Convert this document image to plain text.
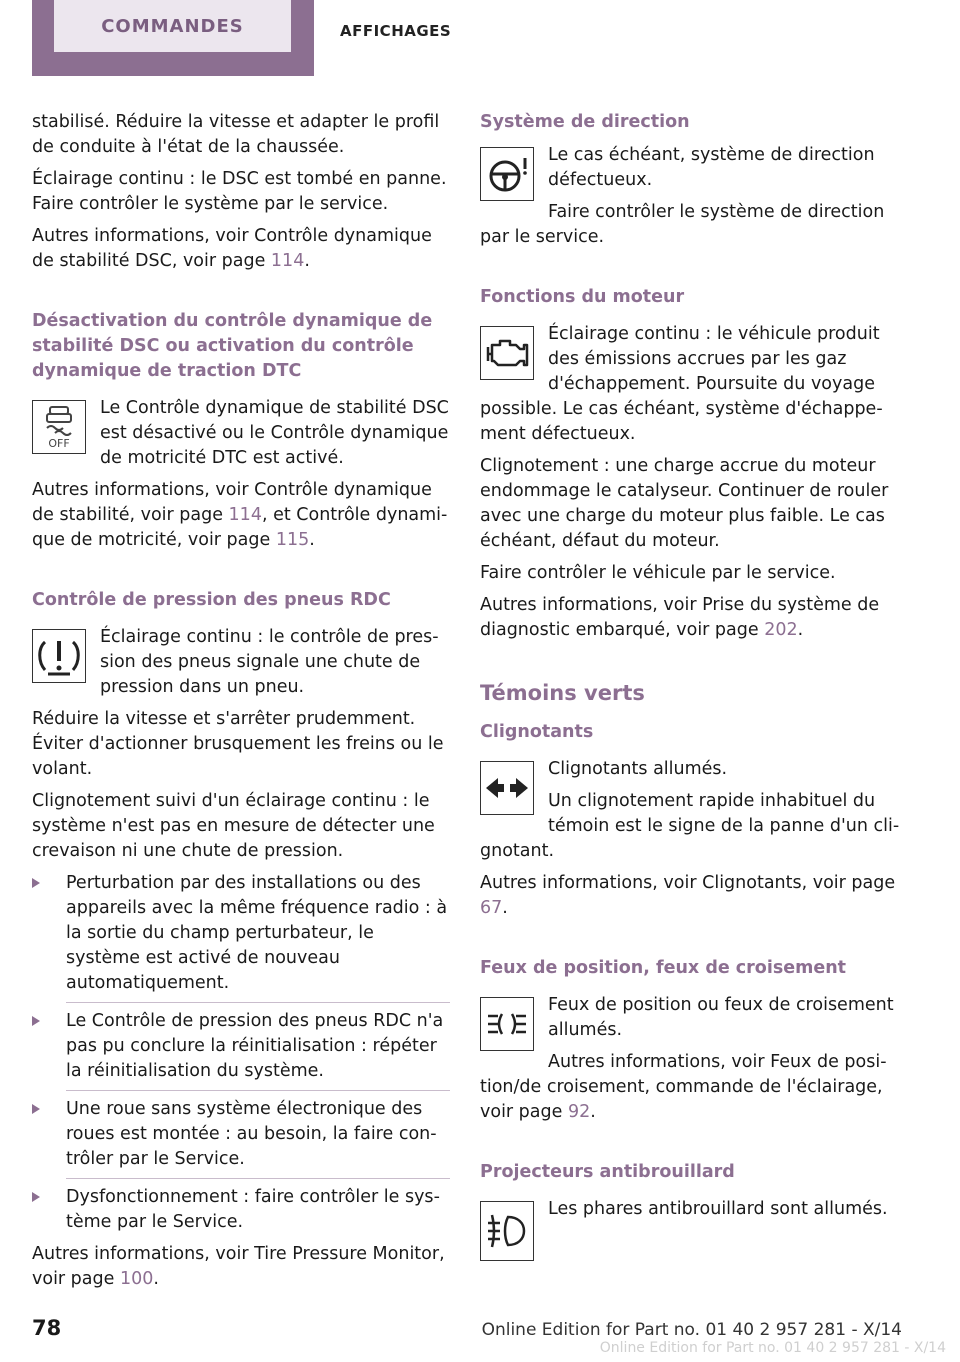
COMMANDES	AFFICHAGES

stabilisé. Réduire la vitesse et adapter le profil de conduite à l'état de la chaussée.

Éclairage continu : le DSC est tombé en panne. Faire contrôler le système par le service.

Autres informations, voir Contrôle dynamique de stabilité DSC, voir page 114.

Désactivation du contrôle dynamique de stabilité DSC ou activation du contrôle dynamique de traction DTC
OFF

Le Contrôle dynamique de stabilité DSC est désactivé ou le Contrôle dynamique de motricité DTC est activé.

Autres informations, voir Contrôle dynamique de stabilité, voir page 114, et Contrôle dynamique de motricité, voir page 115.

Contrôle de pression des pneus RDC

Éclairage continu : le contrôle de pression des pneus signale une chute de pression dans un pneu.

Réduire la vitesse et s'arrêter prudemment. Éviter d'actionner brusquement les freins ou le volant.

Clignotement suivi d'un éclairage continu : le système n'est pas en mesure de détecter une crevaison ni une chute de pression.

Perturbation par des installations ou des appareils avec la même fréquence radio : à la sortie du champ perturbateur, le système est activé de nouveau automatiquement.
Le Contrôle de pression des pneus RDC n'a pas pu conclure la réinitialisation : répéter la réinitialisation du système.
Une roue sans système électronique des roues est montée : au besoin, la faire contrôler par le Service.
Dysfonctionnement : faire contrôler le système par le Service.

Autres informations, voir Tire Pressure Monitor, voir page 100.

Système de direction

Le cas échéant, système de direction défectueux.

Faire contrôler le système de direction par le service.

Fonctions du moteur

Éclairage continu : le véhicule produit des émissions accrues par les gaz d'échappement. Poursuite du voyage possible. Le cas échéant, système d'échappement défectueux.

Clignotement : une charge accrue du moteur endommage le catalyseur. Continuer de rouler avec une charge du moteur plus faible. Le cas échéant, défaut du moteur.

Faire contrôler le véhicule par le service.

Autres informations, voir Prise du système de diagnostic embarqué, voir page 202.

Témoins verts
Clignotants

Clignotants allumés.

Un clignotement rapide inhabituel du témoin est le signe de la panne d'un clignotant.

Autres informations, voir Clignotants, voir page 67.

Feux de position, feux de croisement

Feux de position ou feux de croisement allumés.

Autres informations, voir Feux de position/de croisement, commande de l'éclairage, voir page 92.

Projecteurs antibrouillard

Les phares antibrouillard sont allumés.

78	Online Edition for Part no. 01 40 2 957 281 - X/14
Online Edition for Part no. 01 40 2 957 281 - X/14
